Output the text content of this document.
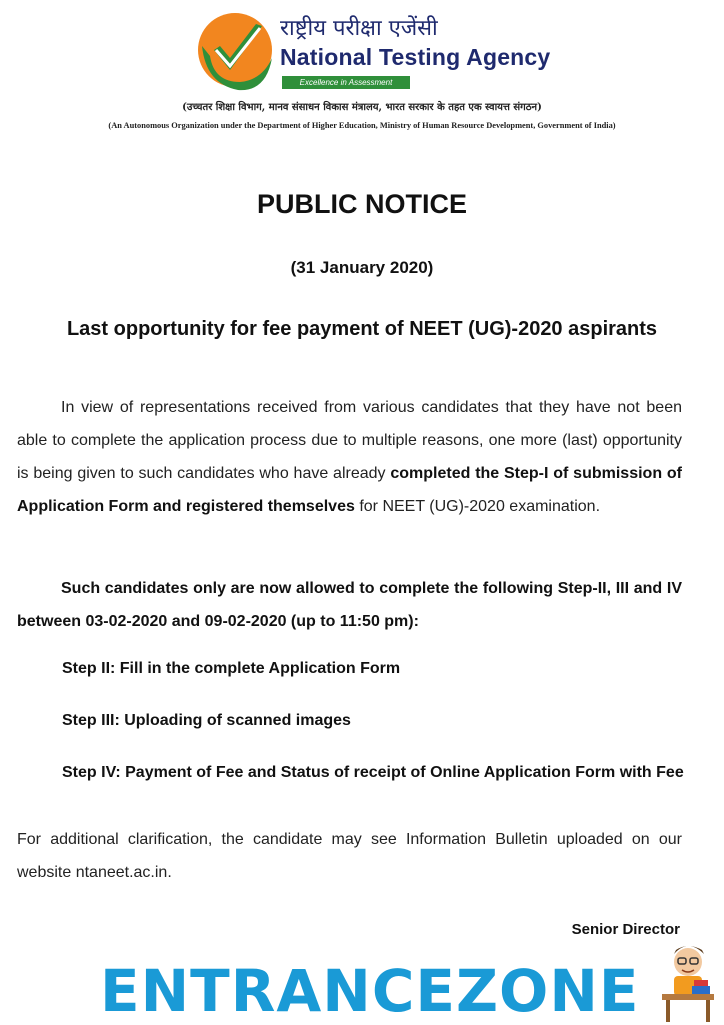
राष्ट्रीय परीक्षा एजेंसी
National Testing Agency
Excellence in Assessment
(उच्चतर शिक्षा विभाग, मानव संसाधन विकास मंत्रालय, भारत सरकार के तहत एक स्वायत्त संगठन)
(An Autonomous Organization under the Department of Higher Education, Ministry of Human Resource Development, Government of India)
PUBLIC NOTICE
(31 January 2020)
Last opportunity for fee payment of NEET (UG)-2020 aspirants
In view of representations received from various candidates that they have not been able to complete the application process due to multiple reasons, one more (last) opportunity is being given to such candidates who have already completed the Step-I of submission of Application Form and registered themselves for NEET (UG)-2020 examination.
Such candidates only are now allowed to complete the following Step-II, III and IV between 03-02-2020 and 09-02-2020 (up to 11:50 pm):
Step II: Fill in the complete Application Form
Step III: Uploading of scanned images
Step IV: Payment of Fee and Status of receipt of Online Application Form with Fee
For additional clarification, the candidate may see Information Bulletin uploaded on our website ntaneet.ac.in.
Senior Director
ENTRANCEZONE
